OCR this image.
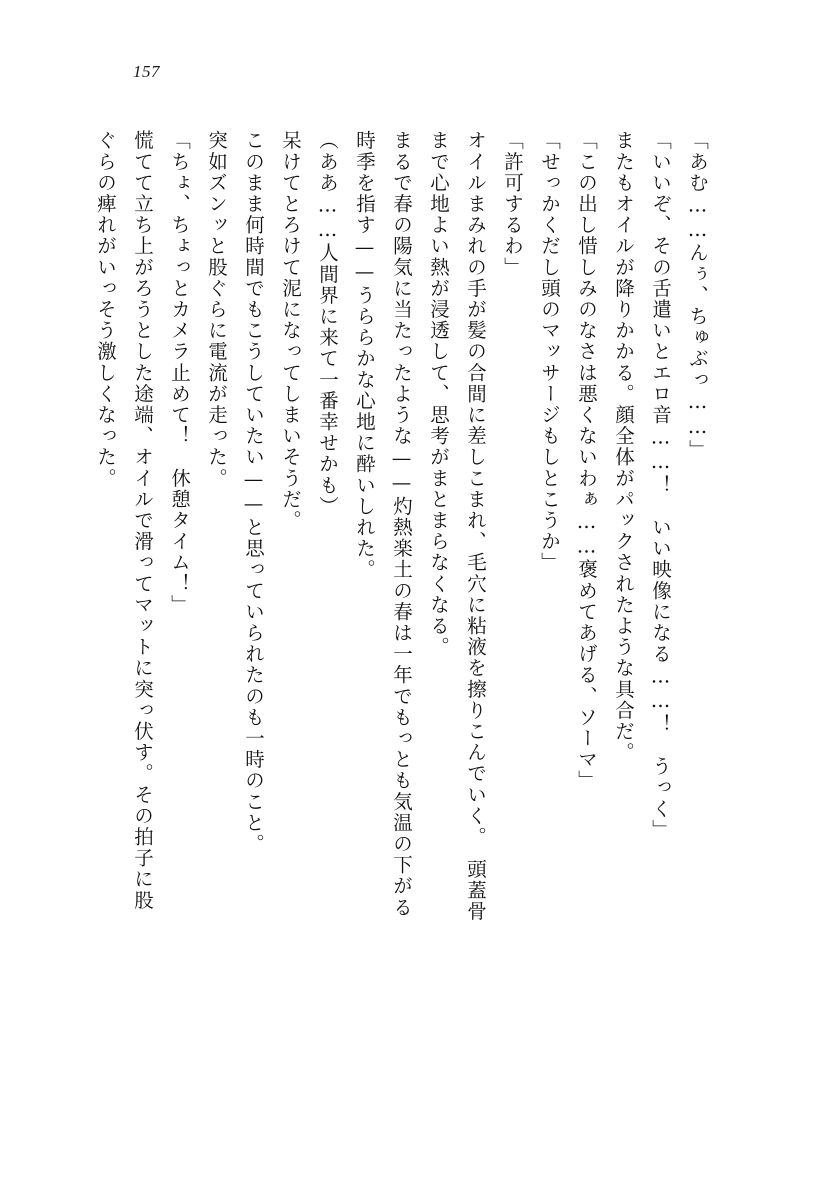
157
「あむ……んぅ、ちゅぶっ……」
「いいぞ、その舌遣いとエロ音……！　いい映像になる……！　うっく」
またもオイルが降りかかる。顔全体がパックされたような具合だ。
「この出し惜しみのなさは悪くないわぁ……褒めてあげる、ソーマ」
「せっかくだし頭のマッサージもしとこうか」
「許可するわ」
オイルまみれの手が髪の合間に差しこまれ、毛穴に粘液を擦りこんでいく。　頭蓋骨
まで心地よい熱が浸透して、思考がまとまらなくなる。
まるで春の陽気に当たったような——灼熱楽土の春は一年でもっとも気温の下がる
時季を指す——うららかな心地に酔いしれた。
（ああ……人間界に来て一番幸せかも）
呆けてとろけて泥になってしまいそうだ。
このまま何時間でもこうしていたい——と思っていられたのも一時のこと。
突如ズンッと股ぐらに電流が走った。
「ちょ、ちょっとカメラ止めて！　休憩タイム！」
慌てて立ち上がろうとした途端、オイルで滑ってマットに突っ伏す。その拍子に股
ぐらの痺れがいっそう激しくなった。
